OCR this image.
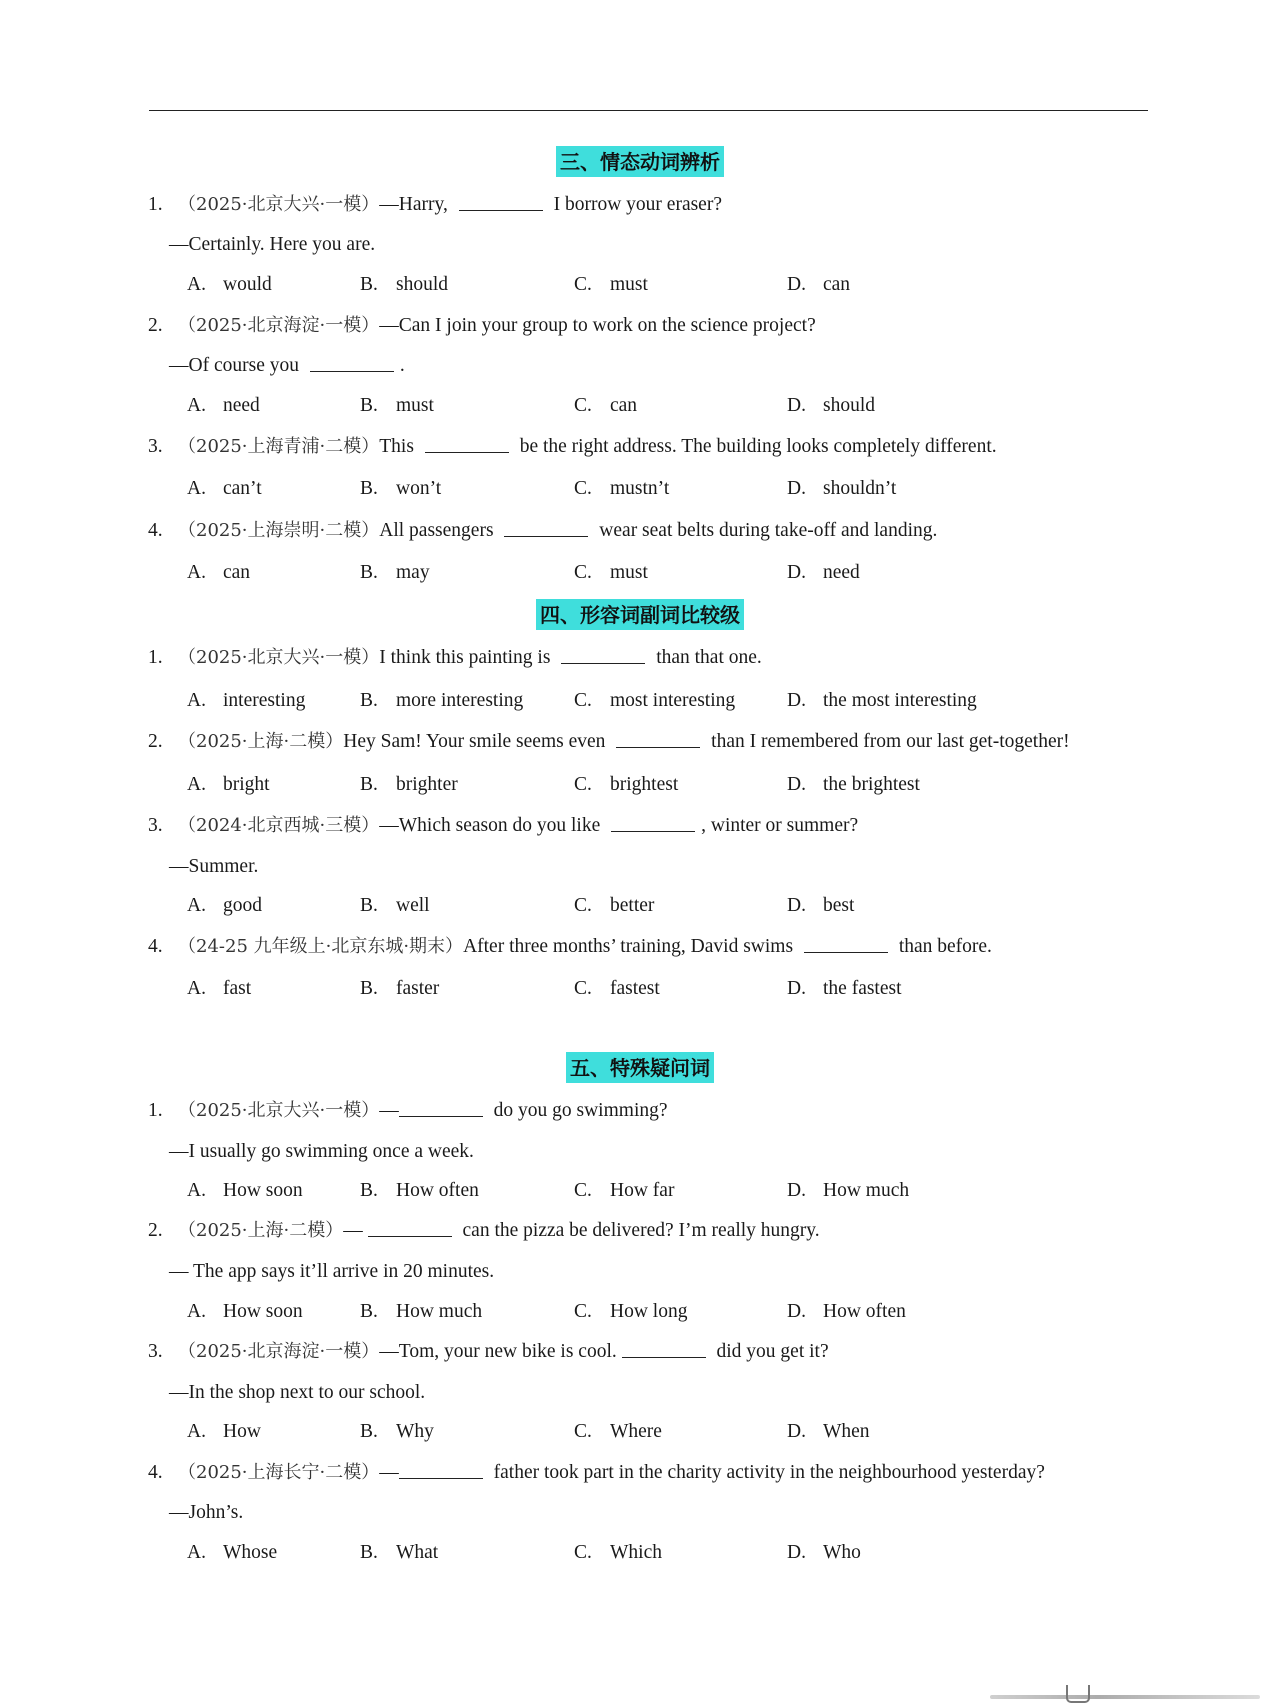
三、情态动词辨析
1. （2025·北京大兴·一模）—Harry,	I borrow your eraser?
—Certainly. Here you are.
A. would	B. should	C. must	D. can
2. （2025·北京海淀·一模）—Can I join your group to work on the science project?
—Of course you	.
A. need	B. must	C. can	D. should
3. （2025·上海青浦·二模）This	be the right address. The building looks completely different.
A. can’t	B. won’t	C. mustn’t	D. shouldn’t
4. （2025·上海崇明·二模）All passengers	wear seat belts during take-off and landing.
A. can	B. may	C. must	D. need
四、形容词副词比较级
1. （2025·北京大兴·一模）I think this painting is	than that one.
A. interesting	B. more interesting	C. most interesting	D. the most interesting
2. （2025·上海·二模）Hey Sam! Your smile seems even	than I remembered from our last get-together!
A. bright	B. brighter	C. brightest	D. the brightest
3. （2024·北京西城·三模）—Which season do you like	, winter or summer?
—Summer.
A. good	B. well	C. better	D. best
4. （24-25 九年级上·北京东城·期末）After three months’ training, David swims	than before.
A. fast	B. faster	C. fastest	D. the fastest
五、特殊疑问词
1. （2025·北京大兴·一模）—	do you go swimming?
—I usually go swimming once a week.
A. How soon	B. How often	C. How far	D. How much
2. （2025·上海·二模）—	can the pizza be delivered? I’m really hungry.
— The app says it’ll arrive in 20 minutes.
A. How soon	B. How much	C. How long	D. How often
3. （2025·北京海淀·一模）—Tom, your new bike is cool.	did you get it?
—In the shop next to our school.
A. How	B. Why	C. Where	D. When
4. （2025·上海长宁·二模）—	father took part in the charity activity in the neighbourhood yesterday?
—John’s.
A. Whose	B. What	C. Which	D. Who
